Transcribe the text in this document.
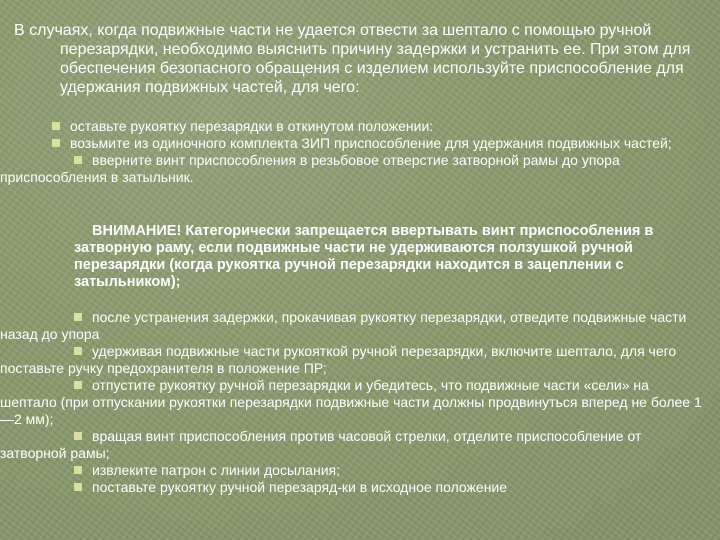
В случаях, когда подвижные части не удается отвести за шептало с помощью ручной перезарядки, необходимо выяснить причину задержки и устранить ее. При этом для обеспечения безопасного обращения с изделием используйте приспособление для удержания подвижных частей, для чего:

оставьте рукоятку перезарядки в откинутом положении:
возьмите из одиночного комплекта ЗИП приспособление для удержания подвижных частей;
вверните винт приспособления в резьбовое отверстие затворной рамы до упора приспособления в затыльник.

ВНИМАНИЕ! Категорически запрещается ввертывать винт приспособления в затворную раму, если подвижные части не удерживаются ползушкой ручной перезарядки (когда рукоятка ручной перезарядки находится в зацеплении с затыльником);

после устранения задержки, прокачивая рукоятку перезарядки, отведите подвижные части назад до упора
удерживая подвижные части рукояткой ручной перезарядки, включите шептало, для чего поставьте ручку предохранителя в положение ПР;
отпустите рукоятку ручной перезарядки и убедитесь, что подвижные части «сели» на шептало (при отпускании рукоятки перезарядки подвижные части должны продвинуться вперед не более 1—2 мм);
вращая винт приспособления против часовой стрелки, отделите приспособление от затворной рамы;
извлеките патрон с линии досылания;
поставьте рукоятку ручной перезаряд-ки в исходное положение
